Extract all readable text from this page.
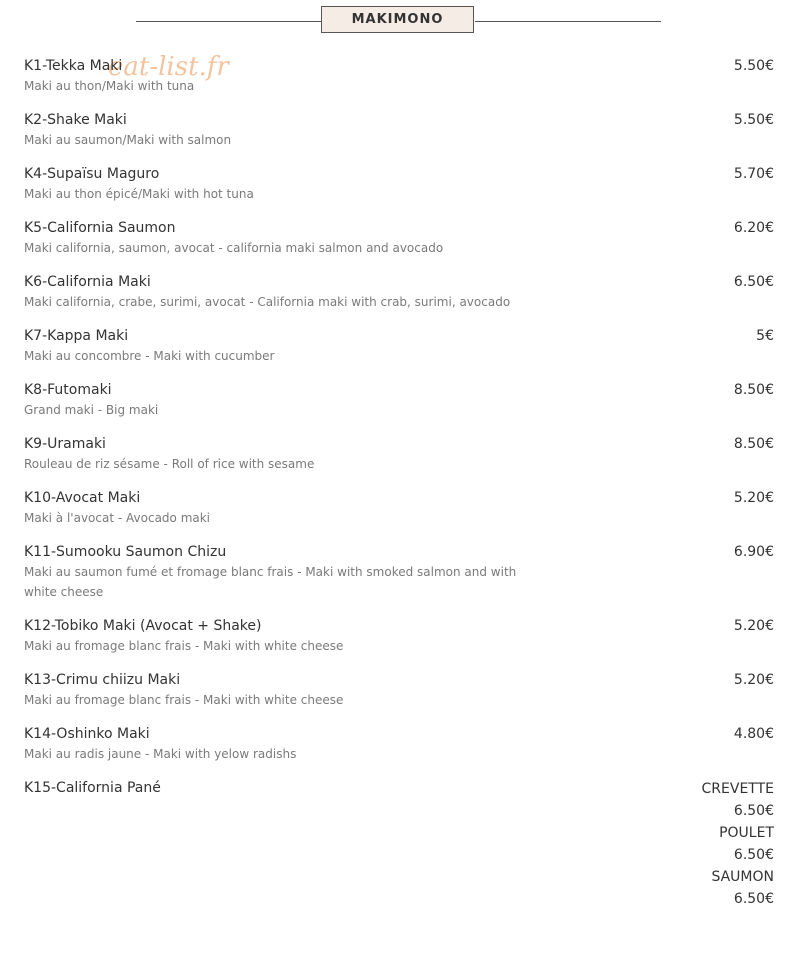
MAKIMONO
eat-list.fr
K1-Tekka Maki
Maki au thon/Maki with tuna
5.50€
K2-Shake Maki
Maki au saumon/Maki with salmon
5.50€
K4-Supaïsu Maguro
Maki au thon épicé/Maki with hot tuna
5.70€
K5-California Saumon
Maki california, saumon, avocat - california maki salmon and avocado
6.20€
K6-California Maki
Maki california, crabe, surimi, avocat - California maki with crab, surimi, avocado
6.50€
K7-Kappa Maki
Maki au concombre - Maki with cucumber
5€
K8-Futomaki
Grand maki - Big maki
8.50€
K9-Uramaki
Rouleau de riz sésame - Roll of rice with sesame
8.50€
K10-Avocat Maki
Maki à l'avocat - Avocado maki
5.20€
K11-Sumooku Saumon Chizu
Maki au saumon fumé et fromage blanc frais - Maki with smoked salmon and with white cheese
6.90€
K12-Tobiko Maki (Avocat + Shake)
Maki au fromage blanc frais - Maki with white cheese
5.20€
K13-Crimu chiizu Maki
Maki au fromage blanc frais - Maki with white cheese
5.20€
K14-Oshinko Maki
Maki au radis jaune - Maki with yelow radishs
4.80€
K15-California Pané	CREVETTE
6.50€
POULET
6.50€
SAUMON
6.50€
